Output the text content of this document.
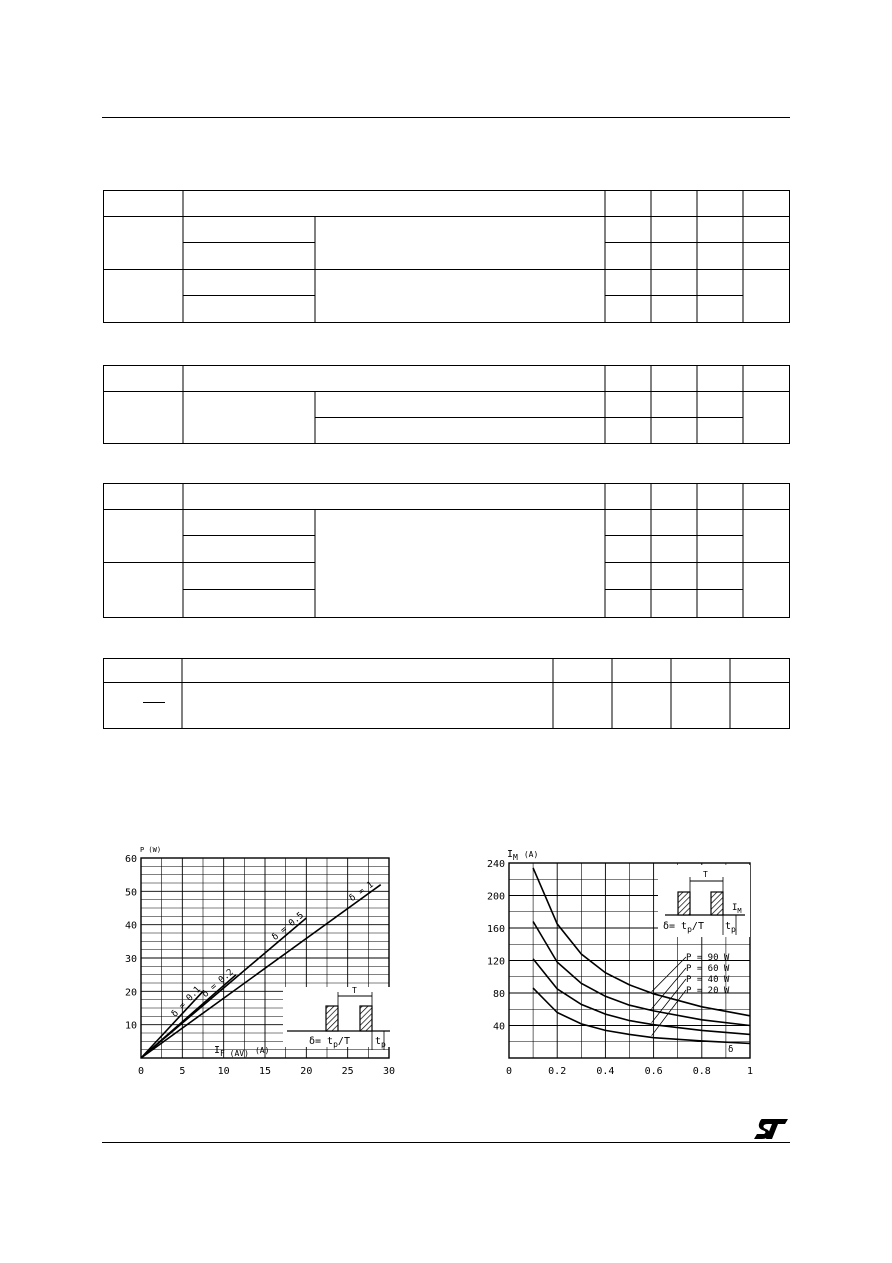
P (W)
0	5	10	15	20	25	30
10
20
30
40
50
60
δ = 0.1
δ = 0.2
δ = 0.5
δ = 1
$I_{F (AV)}$ $^{(A)}$
T
$\delta= t_p/T$	$t_p$
$I_M$ $^{(A)}$
0	0.2	0.4	0.6	0.8	1
40
80
120
160
200
240
P = 90 W
P = 60 W
P = 40 W
P = 20 W
δ
T
$I_M$
$\delta= t_p/T$ $t_p$
